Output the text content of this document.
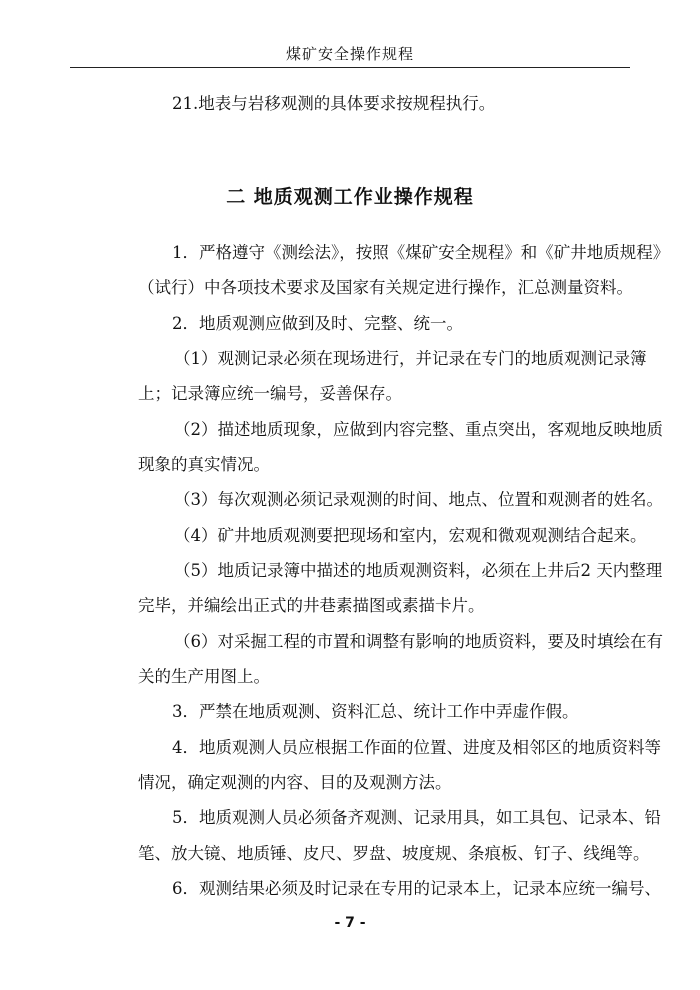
煤矿安全操作规程
21.地表与岩移观测的具体要求按规程执行。
二 地质观测工作业操作规程
1．严格遵守《测绘法》，按照《煤矿安全规程》和《矿井地质规程》
（试行）中各项技术要求及国家有关规定进行操作，汇总测量资料。
2．地质观测应做到及时、完整、统一。
（1）观测记录必须在现场进行，并记录在专门的地质观测记录簿
上；记录簿应统一编号，妥善保存。
（2）描述地质现象，应做到内容完整、重点突出，客观地反映地质
现象的真实情况。
（3）每次观测必须记录观测的时间、地点、位置和观测者的姓名。
（4）矿井地质观测要把现场和室内，宏观和微观观测结合起来。
（5）地质记录簿中描述的地质观测资料，必须在上井后2 天内整理
完毕，并编绘出正式的井巷素描图或素描卡片。
（6）对采掘工程的市置和调整有影响的地质资料，要及时填绘在有
关的生产用图上。
3．严禁在地质观测、资料汇总、统计工作中弄虚作假。
4．地质观测人员应根据工作面的位置、进度及相邻区的地质资料等
情况，确定观测的内容、目的及观测方法。
5．地质观测人员必须备齐观测、记录用具，如工具包、记录本、铅
笔、放大镜、地质锤、皮尺、罗盘、坡度规、条痕板、钉子、线绳等。
6．观测结果必须及时记录在专用的记录本上，记录本应统一编号、
- 7 -
